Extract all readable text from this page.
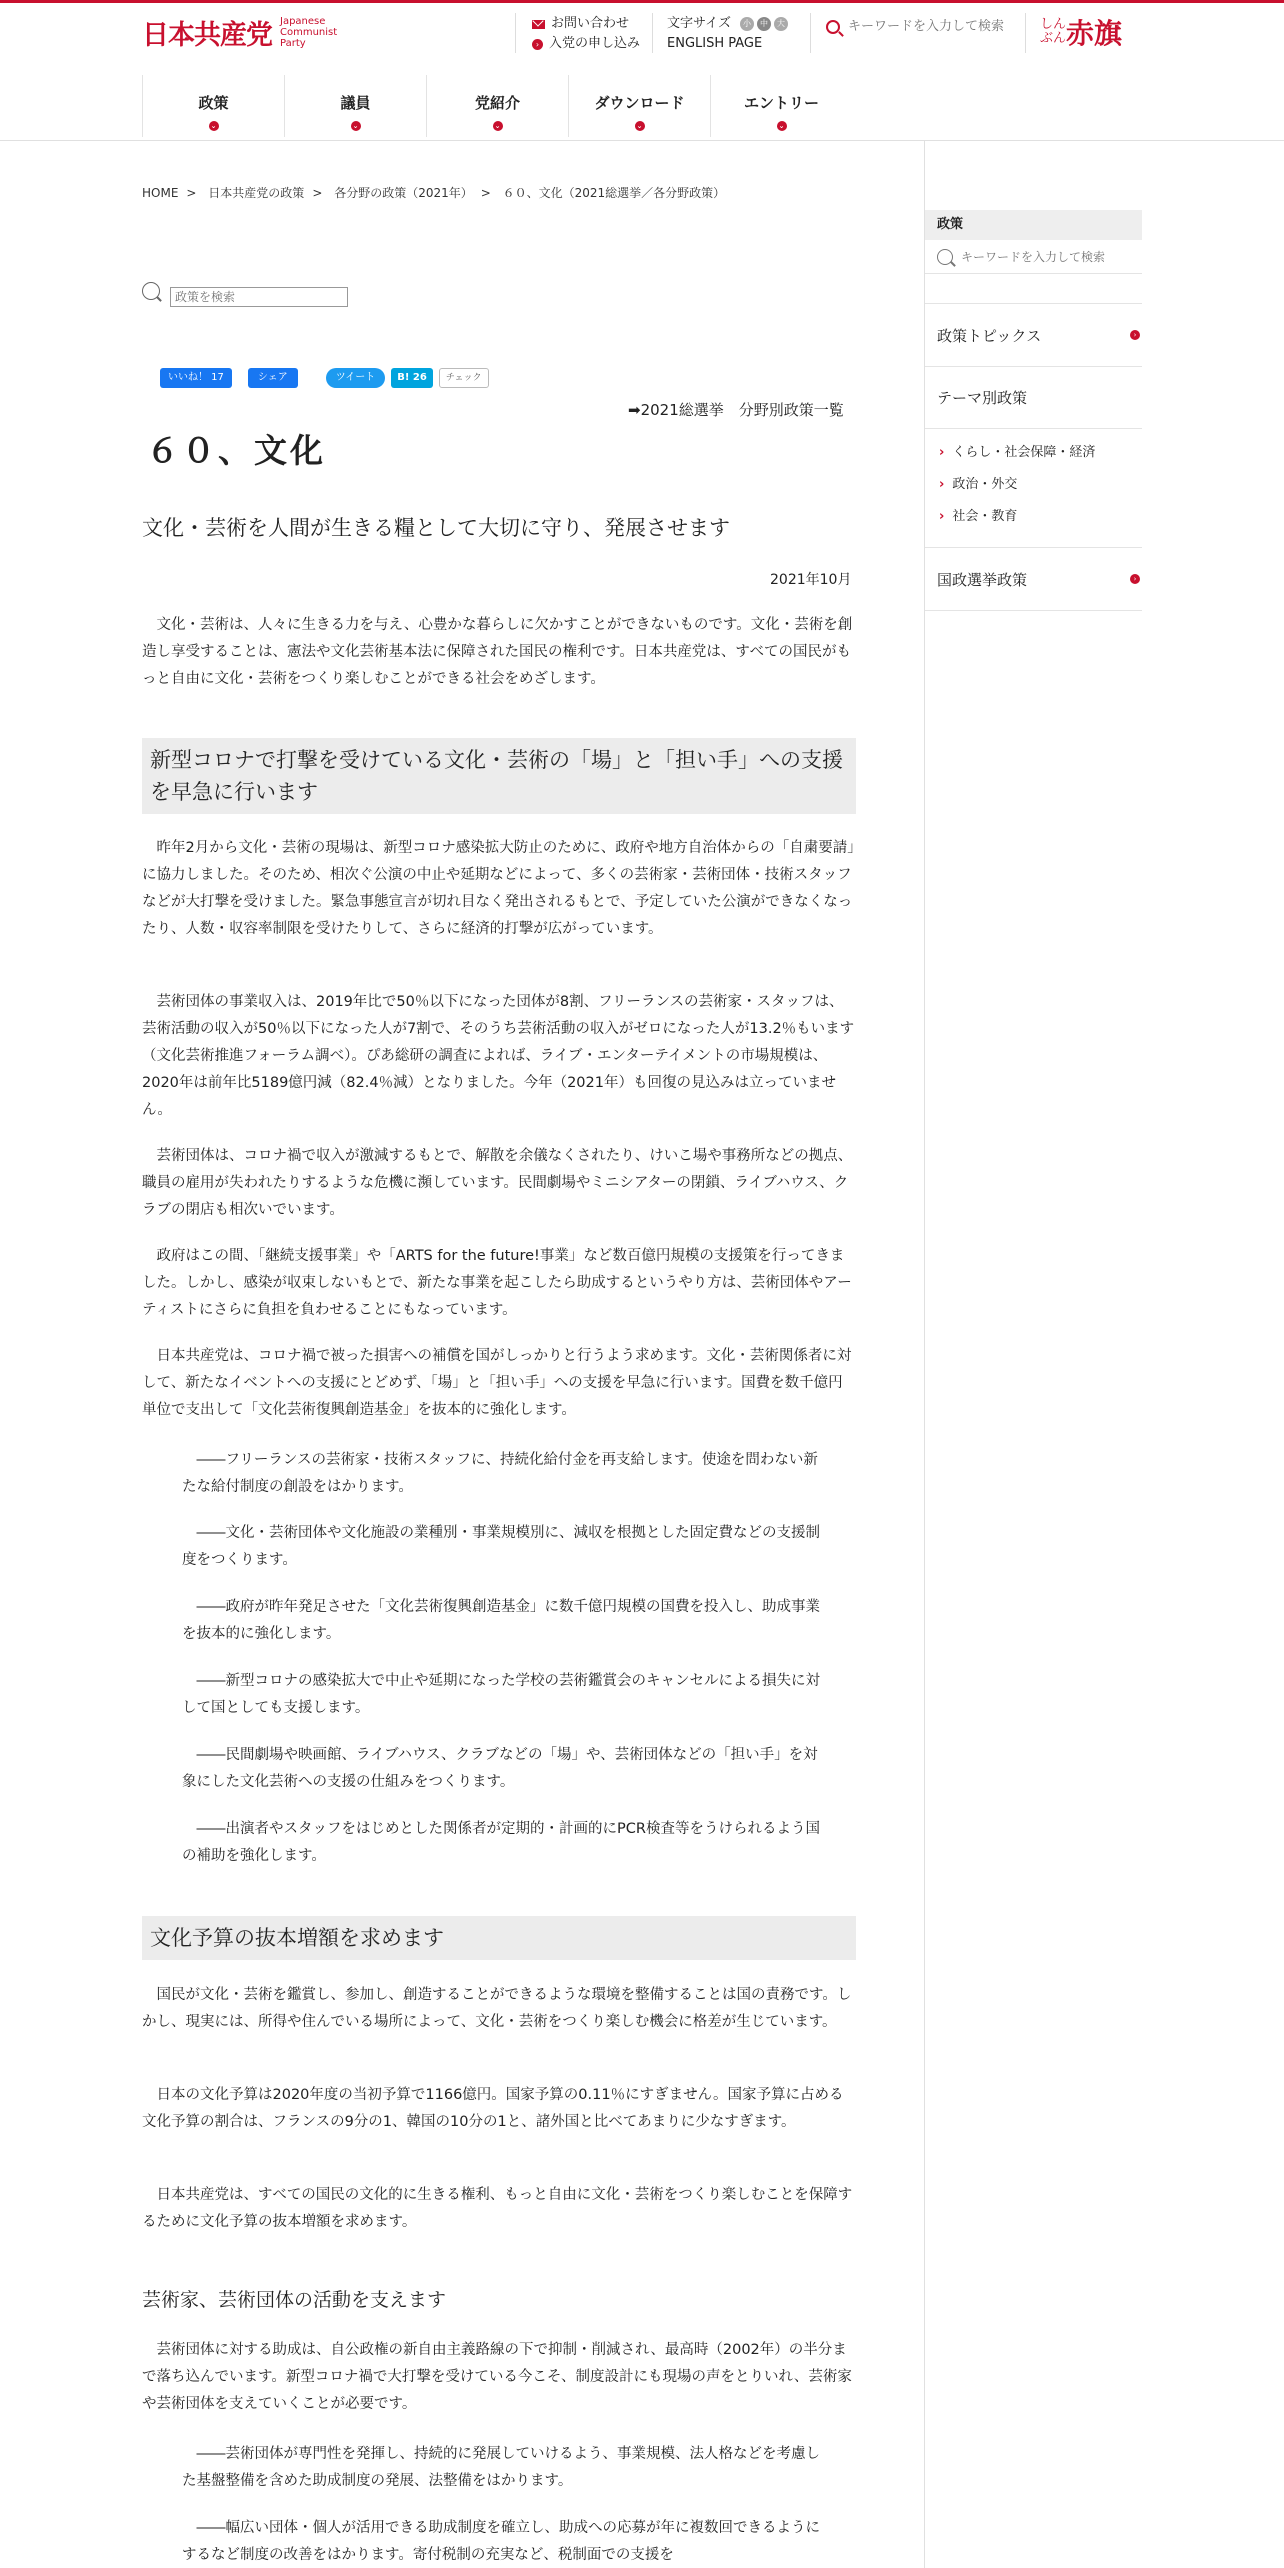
日本共産党 Japanese
Communist
Party
お問い合わせ
› 入党の申し込み
文字サイズ	小	中	大
ENGLISH PAGE
キーワードを入力して検索
しんぶん 赤旗
政策
⌄
議員
⌄
党紹介
⌄
ダウンロード
⌄
エントリー
⌄
政策
キーワードを入力して検索
政策トピックス	›
テーマ別政策
› くらし・社会保障・経済
› 政治・外交
› 社会・教育
国政選挙政策	›
HOME > 日本共産党の政策 > 各分野の政策（2021年） > ６０、文化（2021総選挙／各分野政策）
政策を検索
いいね！ 17	シェア	ツイート	B! 26	チェック
➡2021総選挙　分野別政策一覧
６０、文化
文化・芸術を人間が生きる糧として大切に守り、発展させます
2021年10月

文化・芸術は、人々に生きる力を与え、心豊かな暮らしに欠かすことができないものです。文化・芸術を創造し享受することは、憲法や文化芸術基本法に保障された国民の権利です。日本共産党は、すべての国民がもっと自由に文化・芸術をつくり楽しむことができる社会をめざします。

新型コロナで打撃を受けている文化・芸術の「場」と「担い手」への支援を早急に行います

昨年2月から文化・芸術の現場は、新型コロナ感染拡大防止のために、政府や地方自治体からの「自粛要請」に協力しました。そのため、相次ぐ公演の中止や延期などによって、多くの芸術家・芸術団体・技術スタッフなどが大打撃を受けました。緊急事態宣言が切れ目なく発出されるもとで、予定していた公演ができなくなったり、人数・収容率制限を受けたりして、さらに経済的打撃が広がっています。

芸術団体の事業収入は、2019年比で50％以下になった団体が8割、フリーランスの芸術家・スタッフは、芸術活動の収入が50％以下になった人が7割で、そのうち芸術活動の収入がゼロになった人が13.2％もいます（文化芸術推進フォーラム調べ）。ぴあ総研の調査によれば、ライブ・エンターテイメントの市場規模は、2020年は前年比5189億円減（82.4％減）となりました。今年（2021年）も回復の見込みは立っていません。

芸術団体は、コロナ禍で収入が激減するもとで、解散を余儀なくされたり、けいこ場や事務所などの拠点、職員の雇用が失われたりするような危機に瀕しています。民間劇場やミニシアターの閉鎖、ライブハウス、クラブの閉店も相次いでいます。

政府はこの間、「継続支援事業」や「ARTS for the future!事業」など数百億円規模の支援策を行ってきました。しかし、感染が収束しないもとで、新たな事業を起こしたら助成するというやり方は、芸術団体やアーティストにさらに負担を負わせることにもなっています。

日本共産党は、コロナ禍で被った損害への補償を国がしっかりと行うよう求めます。文化・芸術関係者に対して、新たなイベントへの支援にとどめず、「場」と「担い手」への支援を早急に行います。国費を数千億円単位で支出して「文化芸術復興創造基金」を抜本的に強化します。

――フリーランスの芸術家・技術スタッフに、持続化給付金を再支給します。使途を問わない新たな給付制度の創設をはかります。

――文化・芸術団体や文化施設の業種別・事業規模別に、減収を根拠とした固定費などの支援制度をつくります。

――政府が昨年発足させた「文化芸術復興創造基金」に数千億円規模の国費を投入し、助成事業を抜本的に強化します。

――新型コロナの感染拡大で中止や延期になった学校の芸術鑑賞会のキャンセルによる損失に対して国としても支援します。

――民間劇場や映画館、ライブハウス、クラブなどの「場」や、芸術団体などの「担い手」を対象にした文化芸術への支援の仕組みをつくります。

――出演者やスタッフをはじめとした関係者が定期的・計画的にPCR検査等をうけられるよう国の補助を強化します。

文化予算の抜本増額を求めます

国民が文化・芸術を鑑賞し、参加し、創造することができるような環境を整備することは国の責務です。しかし、現実には、所得や住んでいる場所によって、文化・芸術をつくり楽しむ機会に格差が生じています。

日本の文化予算は2020年度の当初予算で1166億円。国家予算の0.11％にすぎません。国家予算に占める文化予算の割合は、フランスの9分の1、韓国の10分の1と、諸外国と比べてあまりに少なすぎます。

日本共産党は、すべての国民の文化的に生きる権利、もっと自由に文化・芸術をつくり楽しむことを保障するために文化予算の抜本増額を求めます。

芸術家、芸術団体の活動を支えます

芸術団体に対する助成は、自公政権の新自由主義路線の下で抑制・削減され、最高時（2002年）の半分まで落ち込んでいます。新型コロナ禍で大打撃を受けている今こそ、制度設計にも現場の声をとりいれ、芸術家や芸術団体を支えていくことが必要です。

――芸術団体が専門性を発揮し、持続的に発展していけるよう、事業規模、法人格などを考慮した基盤整備を含めた助成制度の発展、法整備をはかります。

――幅広い団体・個人が活用できる助成制度を確立し、助成への応募が年に複数回できるようにするなど制度の改善をはかります。寄付税制の充実など、税制面での支援を
